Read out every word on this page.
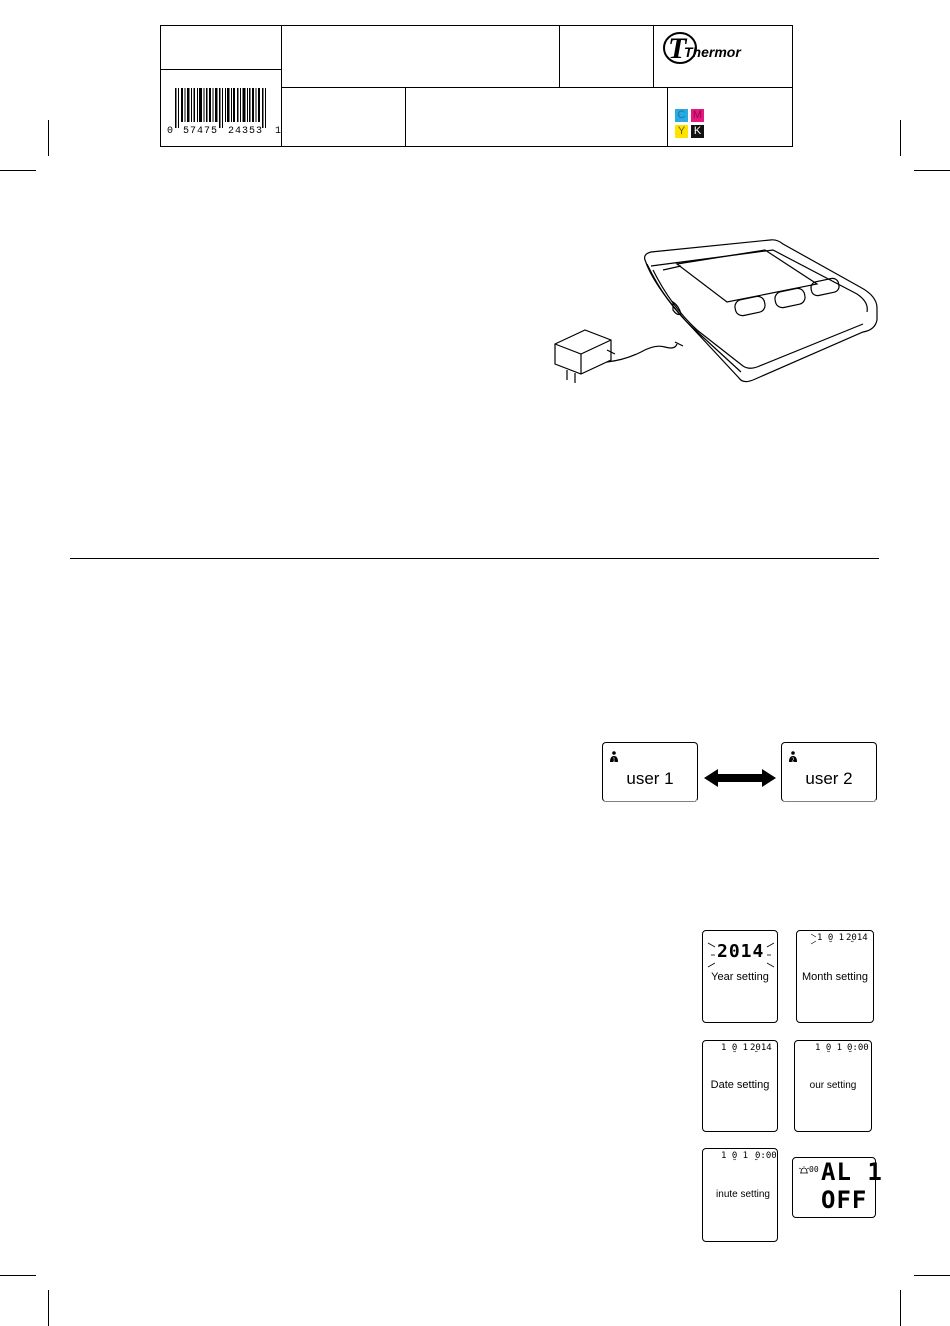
0 57475 24353 1
T
Thermor
C M
Y K
1
user 1
2
user 2
2014
Year setting
1 ̮0 1 ̮
2014
Month setting
1 ̮0 1 ̮
2014
Date setting
1 ̮0 1 ̮ 0:00
our setting
1 ̮0 1 ̮ 0:00
inute setting
00 AL 1
OFF
